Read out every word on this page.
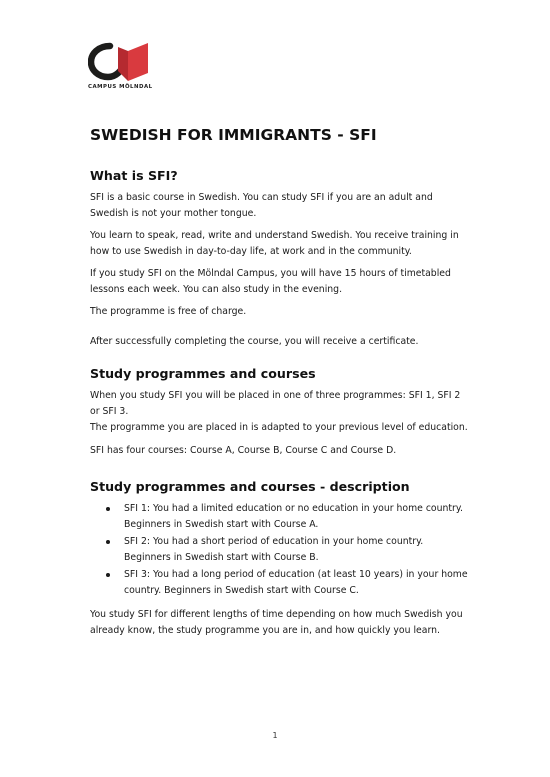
CAMPUS MÖLNDAL
SWEDISH FOR IMMIGRANTS - SFI
What is SFI?

SFI is a basic course in Swedish. You can study SFI if you are an adult and Swedish is not your mother tongue.

You learn to speak, read, write and understand Swedish. You receive training in how to use Swedish in day-to-day life, at work and in the community.

If you study SFI on the Mölndal Campus, you will have 15 hours of timetabled lessons each week. You can also study in the evening.

The programme is free of charge.

After successfully completing the course, you will receive a certificate.

Study programmes and courses

When you study SFI you will be placed in one of three programmes: SFI 1, SFI 2 or SFI 3.
The programme you are placed in is adapted to your previous level of education.

SFI has four courses: Course A, Course B, Course C and Course D.

Study programmes and courses - description
SFI 1: You had a limited education or no education in your home country. Beginners in Swedish start with Course A.
SFI 2: You had a short period of education in your home country. Beginners in Swedish start with Course B.
SFI 3: You had a long period of education (at least 10 years) in your home country. Beginners in Swedish start with Course C.

You study SFI for different lengths of time depending on how much Swedish you already know, the study programme you are in, and how quickly you learn.

1
